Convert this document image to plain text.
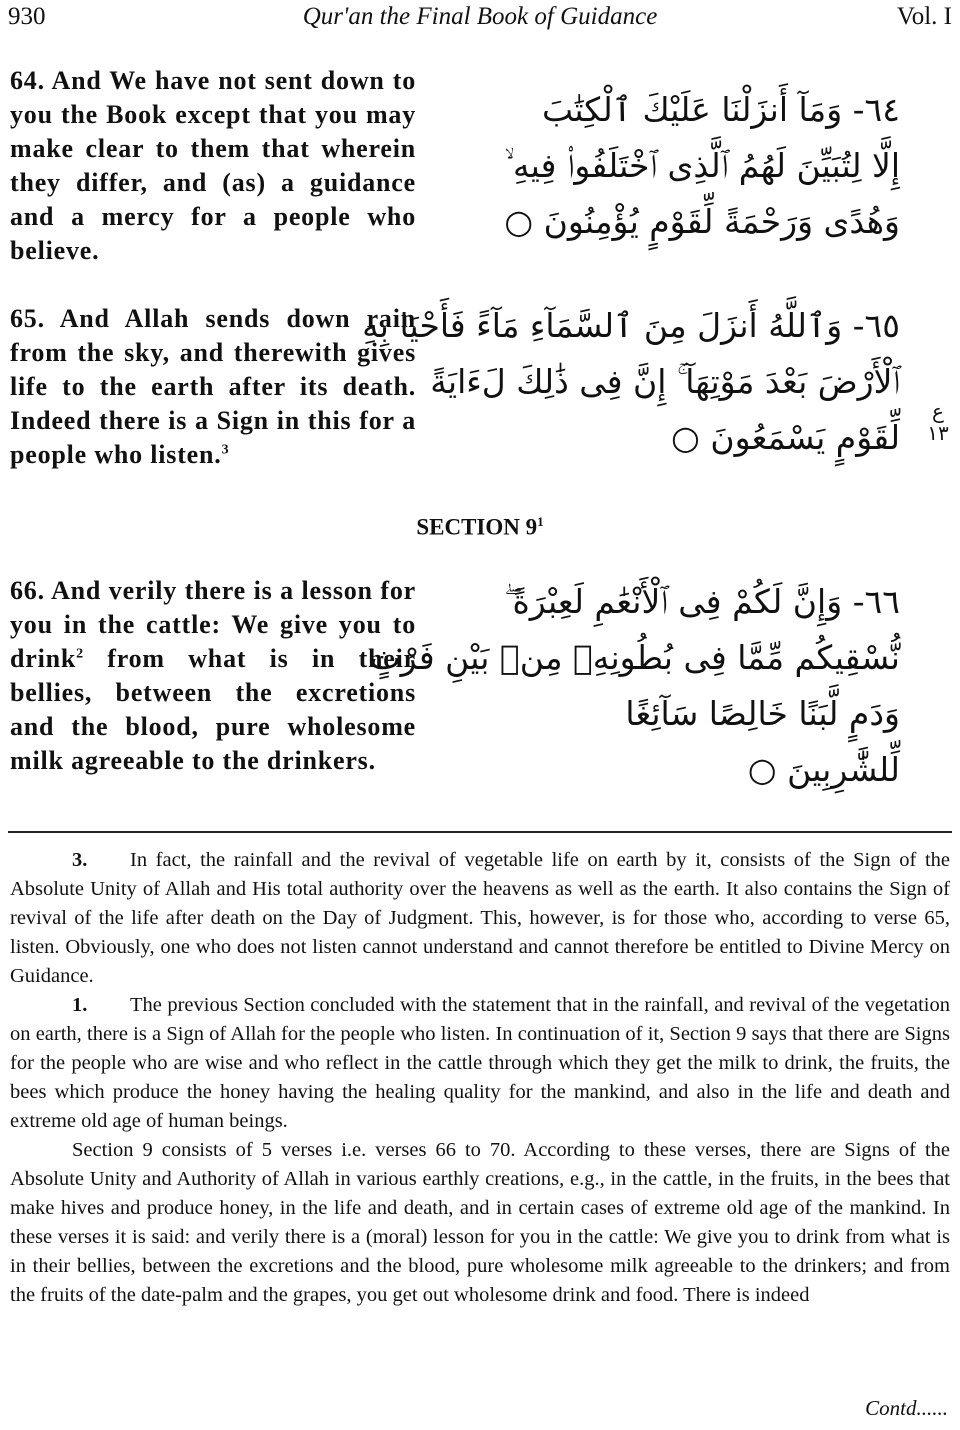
930	Qur'an the Final Book of Guidance	Vol. I

64. And We have not sent down to you the Book except that you may make clear to them that wherein they differ, and (as) a guidance and a mercy for a people who believe.

٦٤- وَمَآ أَنزَلْنَا عَلَيْكَ ٱلْكِتَٰبَ
إِلَّا لِتُبَيِّنَ لَهُمُ ٱلَّذِى ٱخْتَلَفُوا۟ فِيهِ ۙ
وَهُدًى وَرَحْمَةً لِّقَوْمٍ يُؤْمِنُونَ ○

65. And Allah sends down rain from the sky, and therewith gives life to the earth after its death. Indeed there is a Sign in this for a people who listen.$^3$

٦٥- وَٱللَّهُ أَنزَلَ مِنَ ٱلسَّمَآءِ مَآءً فَأَحْيَا بِهِ
ٱلْأَرْضَ بَعْدَ مَوْتِهَآ ۚ إِنَّ فِى ذَٰلِكَ لَءَايَةً
لِّقَوْمٍ يَسْمَعُونَ ○
ع
١٣
SECTION $9^1$

66. And verily there is a lesson for you in the cattle: We give you to drink$^2$ from what is in their bellies, between the excretions and the blood, pure wholesome milk agreeable to the drinkers.

٦٦- وَإِنَّ لَكُمْ فِى ٱلْأَنْعَٰمِ لَعِبْرَةً ۖ
نُّسْقِيكُم مِّمَّا فِى بُطُونِهِۦ مِنۢ بَيْنِ فَرْثٍ
وَدَمٍ لَّبَنًا خَالِصًا سَآئِغًا
لِّلشَّٰرِبِينَ ○

3. In fact, the rainfall and the revival of vegetable life on earth by it, consists of the Sign of the Absolute Unity of Allah and His total authority over the heavens as well as the earth. It also contains the Sign of revival of the life after death on the Day of Judgment. This, however, is for those who, according to verse 65, listen. Obviously, one who does not listen cannot understand and cannot therefore be entitled to Divine Mercy on Guidance.

1. The previous Section concluded with the statement that in the rainfall, and revival of the vegetation on earth, there is a Sign of Allah for the people who listen. In continuation of it, Section 9 says that there are Signs for the people who are wise and who reflect in the cattle through which they get the milk to drink, the fruits, the bees which produce the honey having the healing quality for the mankind, and also in the life and death and extreme old age of human beings.

Section 9 consists of 5 verses i.e. verses 66 to 70. According to these verses, there are Signs of the Absolute Unity and Authority of Allah in various earthly creations, e.g., in the cattle, in the fruits, in the bees that make hives and produce honey, in the life and death, and in certain cases of extreme old age of the mankind. In these verses it is said: and verily there is a (moral) lesson for you in the cattle: We give you to drink from what is in their bellies, between the excretions and the blood, pure wholesome milk agreeable to the drinkers; and from the fruits of the date-palm and the grapes, you get out wholesome drink and food. There is indeed

Contd......
